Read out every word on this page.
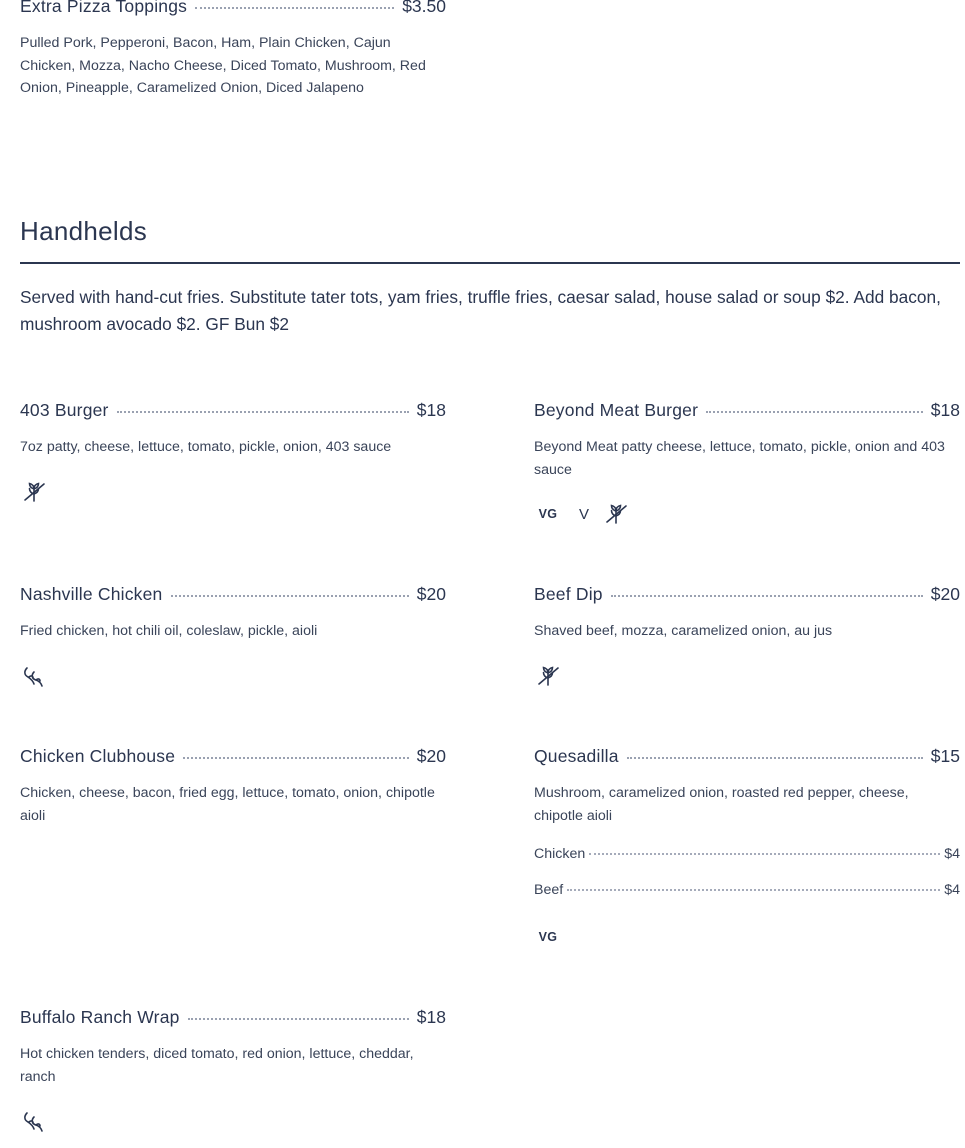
Extra Pizza Toppings	$3.50
Pulled Pork, Pepperoni, Bacon, Ham, Plain Chicken, Cajun Chicken, Mozza, Nacho Cheese, Diced Tomato, Mushroom, Red Onion, Pineapple, Caramelized Onion, Diced Jalapeno
Handhelds
Served with hand-cut fries. Substitute tater tots, yam fries, truffle fries, caesar salad, house salad or soup $2. Add bacon, mushroom avocado $2. GF Bun $2
403 Burger	$18
7oz patty, cheese, lettuce, tomato, pickle, onion, 403 sauce
Beyond Meat Burger	$18
Beyond Meat patty cheese, lettuce, tomato, pickle, onion and 403 sauce
VG	V
Nashville Chicken	$20
Fried chicken, hot chili oil, coleslaw, pickle, aioli
Beef Dip	$20
Shaved beef, mozza, caramelized onion, au jus
Chicken Clubhouse	$20
Chicken, cheese, bacon, fried egg, lettuce, tomato, onion, chipotle aioli
Quesadilla	$15
Mushroom, caramelized onion, roasted red pepper, cheese, chipotle aioli
Chicken	$4
Beef	$4
VG
Buffalo Ranch Wrap	$18
Hot chicken tenders, diced tomato, red onion, lettuce, cheddar, ranch
